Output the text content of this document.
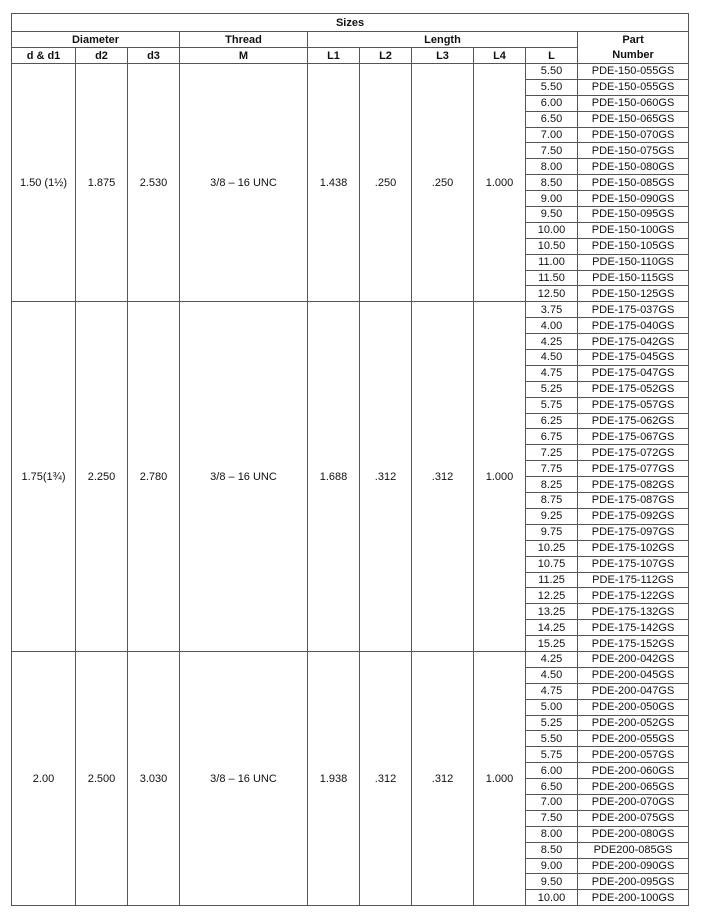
Sizes									
Diameter			Thread	Length					Part Number
d & d1	d2	d3	M	L1	L2	L3	L4	L	
1.50 (1½)	1.875	2.530	3/8 – 16 UNC	1.438	.250	.250	1.000	5.50	PDE-150-055GS
								5.50	PDE-150-055GS
								6.00	PDE-150-060GS
								6.50	PDE-150-065GS
								7.00	PDE-150-070GS
								7.50	PDE-150-075GS
								8.00	PDE-150-080GS
								8.50	PDE-150-085GS
								9.00	PDE-150-090GS
								9.50	PDE-150-095GS
								10.00	PDE-150-100GS
								10.50	PDE-150-105GS
								11.00	PDE-150-110GS
								11.50	PDE-150-115GS
								12.50	PDE-150-125GS
1.75(1¾)	2.250	2.780	3/8 – 16 UNC	1.688	.312	.312	1.000	3.75	PDE-175-037GS
								4.00	PDE-175-040GS
								4.25	PDE-175-042GS
								4.50	PDE-175-045GS
								4.75	PDE-175-047GS
								5.25	PDE-175-052GS
								5.75	PDE-175-057GS
								6.25	PDE-175-062GS
								6.75	PDE-175-067GS
								7.25	PDE-175-072GS
								7.75	PDE-175-077GS
								8.25	PDE-175-082GS
								8.75	PDE-175-087GS
								9.25	PDE-175-092GS
								9.75	PDE-175-097GS
								10.25	PDE-175-102GS
								10.75	PDE-175-107GS
								11.25	PDE-175-112GS
								12.25	PDE-175-122GS
								13.25	PDE-175-132GS
								14.25	PDE-175-142GS
								15.25	PDE-175-152GS
2.00	2.500	3.030	3/8 – 16 UNC	1.938	.312	.312	1.000	4.25	PDE-200-042GS
								4.50	PDE-200-045GS
								4.75	PDE-200-047GS
								5.00	PDE-200-050GS
								5.25	PDE-200-052GS
								5.50	PDE-200-055GS
								5.75	PDE-200-057GS
								6.00	PDE-200-060GS
								6.50	PDE-200-065GS
								7.00	PDE-200-070GS
								7.50	PDE-200-075GS
								8.00	PDE-200-080GS
								8.50	PDE200-085GS
								9.00	PDE-200-090GS
								9.50	PDE-200-095GS
								10.00	PDE-200-100GS
